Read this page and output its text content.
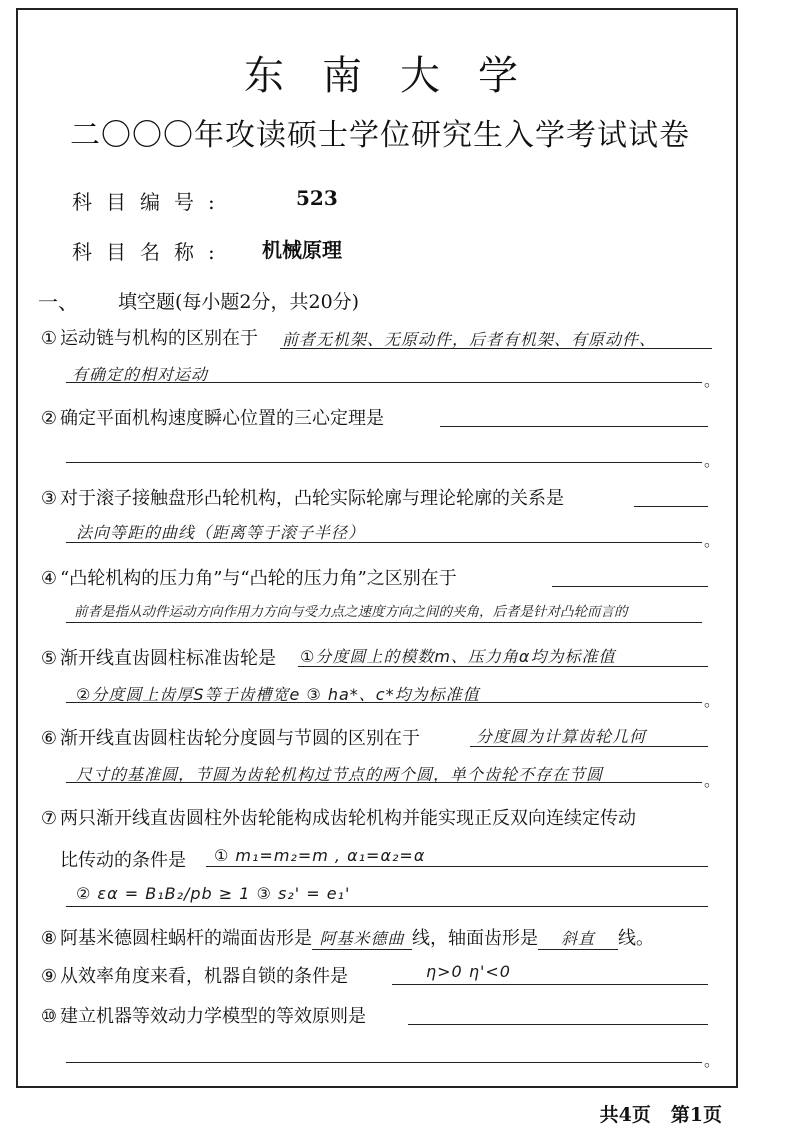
东南大学
二〇〇〇年攻读硕士学位研究生入学考试试卷
科目编号:	523
科目名称: 机械原理
一、 填空题(每小题2分，共20分)
① 运动链与机构的区别在于 前者无机架、无原动件，后者有机架、有原动件、
有确定的相对运动	。
② 确定平面机构速度瞬心位置的三心定理是
。
③ 对于滚子接触盘形凸轮机构，凸轮实际轮廓与理论轮廓的关系是
法向等距的曲线（距离等于滚子半径）	。
④ “凸轮机构的压力角”与“凸轮的压力角”之区别在于
前者是指从动件运动方向作用力方向与受力点之速度方向之间的夹角，后者是针对凸轮而言的
⑤ 渐开线直齿圆柱标准齿轮是 ①分度圆上的模数m、压力角α均为标准值
②分度圆上齿厚S等于齿槽宽e ③ ha*、c*均为标准值	。
⑥ 渐开线直齿圆柱齿轮分度圆与节圆的区别在于	分度圆为计算齿轮几何
尺寸的基准圆，节圆为齿轮机构过节点的两个圆，单个齿轮不存在节圆	。
⑦ 两只渐开线直齿圆柱外齿轮能构成齿轮机构并能实现正反双向连续定传动
比传动的条件是 ① m₁=m₂=m , α₁=α₂=α
② εα = B₁B₂/pb ≥ 1 ③ s₂' = e₁'
⑧ 阿基米德圆柱蜗杆的端面齿形是 阿基米德曲 线，轴面齿形是 斜直 线。
⑨ 从效率角度来看，机器自锁的条件是	η>0 η'<0
⑩ 建立机器等效动力学模型的等效原则是
。
共4页 第1页
